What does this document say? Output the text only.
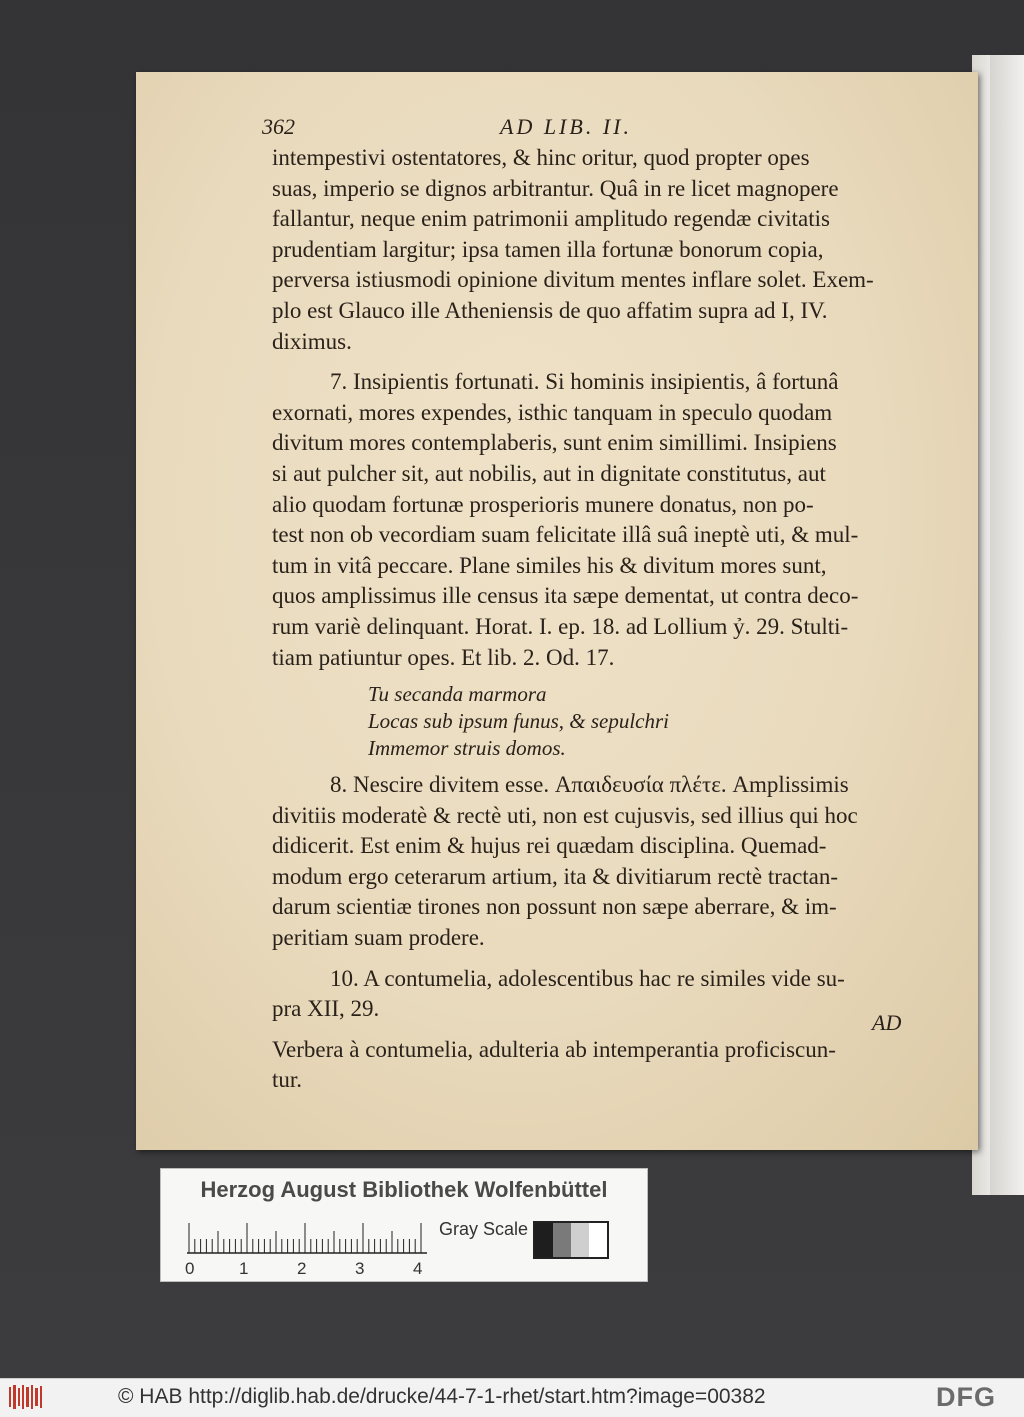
362	AD LIB. II.
intempestivi ostentatores, & hinc oritur, quod propter opes
suas, imperio se dignos arbitrantur. Quâ in re licet magnopere
fallantur, neque enim patrimonii amplitudo regendæ civitatis
prudentiam largitur; ipsa tamen illa fortunæ bonorum copia,
perversa istiusmodi opinione divitum mentes inflare solet. Exem-
plo est Glauco ille Atheniensis de quo affatim supra ad I, IV.
diximus.
7. Insipientis fortunati. Si hominis insipientis, â fortunâ
exornati, mores expendes, isthic tanquam in speculo quodam
divitum mores contemplaberis, sunt enim simillimi. Insipiens
si aut pulcher sit, aut nobilis, aut in dignitate constitutus, aut
alio quodam fortunæ prosperioris munere donatus, non po-
test non ob vecordiam suam felicitate illâ suâ ineptè uti, & mul-
tum in vitâ peccare. Plane similes his & divitum mores sunt,
quos amplissimus ille census ita sæpe dementat, ut contra deco-
rum variè delinquant. Horat. I. ep. 18. ad Lollium ỷ. 29. Stulti-
tiam patiuntur opes. Et lib. 2. Od. 17.
Tu secanda marmora
Locas sub ipsum funus, & sepulchri
Immemor struis domos.
8. Nescire divitem esse. Απαιδευσία πλέτε. Amplissimis
divitiis moderatè & rectè uti, non est cujusvis, sed illius qui hoc
didicerit. Est enim & hujus rei quædam disciplina. Quemad-
modum ergo ceterarum artium, ita & divitiarum rectè tractan-
darum scientiæ tirones non possunt non sæpe aberrare, & im-
peritiam suam prodere.
10. A contumelia, adolescentibus hac re similes vide su-
pra XII, 29.
Verbera à contumelia, adulteria ab intemperantia proficiscun-
tur.
AD
Herzog August Bibliothek Wolfenbüttel
0	1	2	3	4
Gray Scale
© HAB http://diglib.hab.de/drucke/44-7-1-rhet/start.htm?image=00382	DFG
